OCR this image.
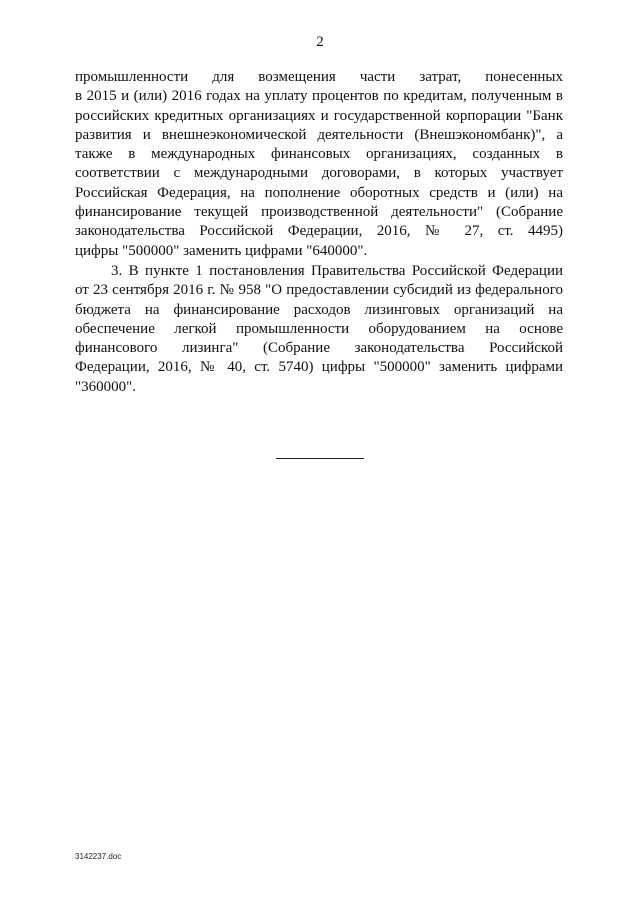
2

промышленности для возмещения части затрат, понесенных
в 2015 и (или) 2016 годах на уплату процентов по кредитам, полученным в
российских кредитных организациях и государственной корпорации "Банк
развития и внешнеэкономической деятельности (Внешэкономбанк)", а
также в международных финансовых организациях, созданных в
соответствии с международными договорами, в которых участвует
Российская Федерация, на пополнение оборотных средств и (или) на
финансирование текущей производственной деятельности" (Собрание
законодательства Российской Федерации, 2016, № 27, ст. 4495)
цифры "500000" заменить цифрами "640000".

3. В пункте 1 постановления Правительства Российской Федерации
от 23 сентября 2016 г. № 958 "О предоставлении субсидий из федерального
бюджета на финансирование расходов лизинговых организаций на
обеспечение легкой промышленности оборудованием на основе
финансового лизинга" (Собрание законодательства Российской
Федерации, 2016, № 40, ст. 5740) цифры "500000" заменить цифрами
"360000".

3142237.doc
